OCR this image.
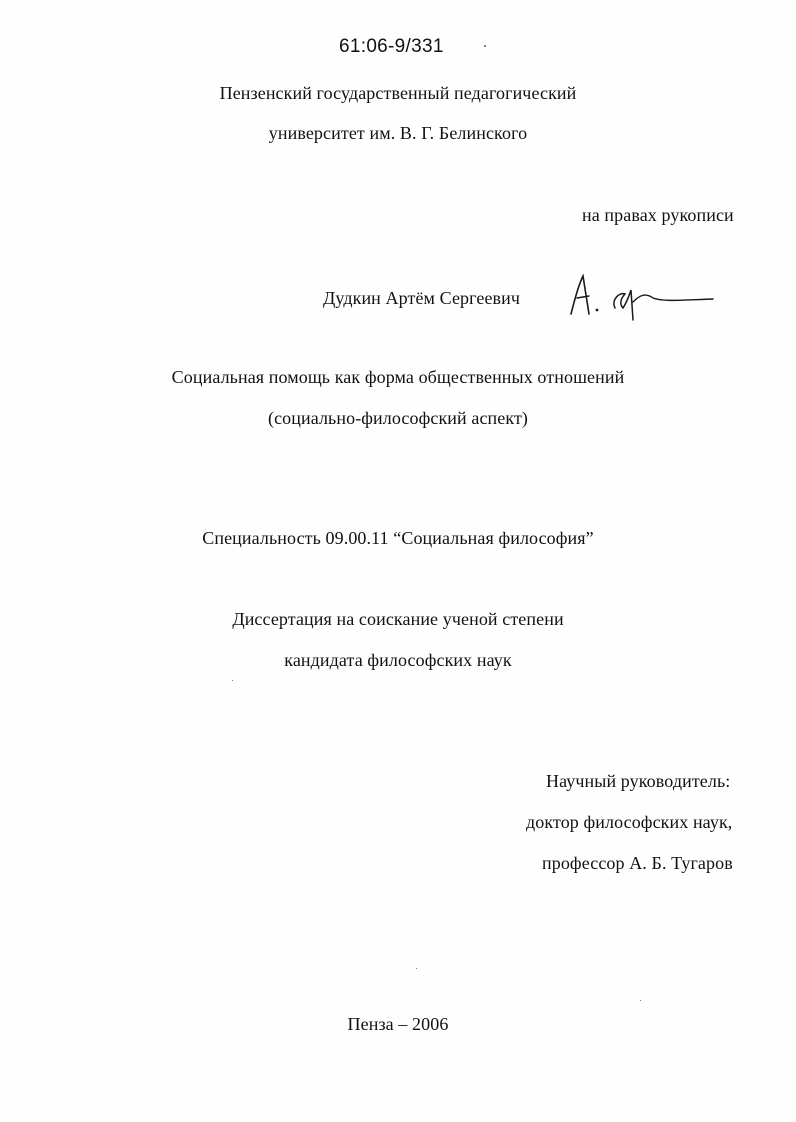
61:06-9/331
Пензенский государственный педагогический
университет им. В. Г. Белинского
на правах рукописи
Дудкин Артём Сергеевич
Социальная помощь как форма общественных отношений
(социально-философский аспект)
Специальность 09.00.11 “Социальная философия”
Диссертация на соискание ученой степени
кандидата философских наук
Научный руководитель:
доктор философских наук,
профессор А. Б. Тугаров
Пенза – 2006
